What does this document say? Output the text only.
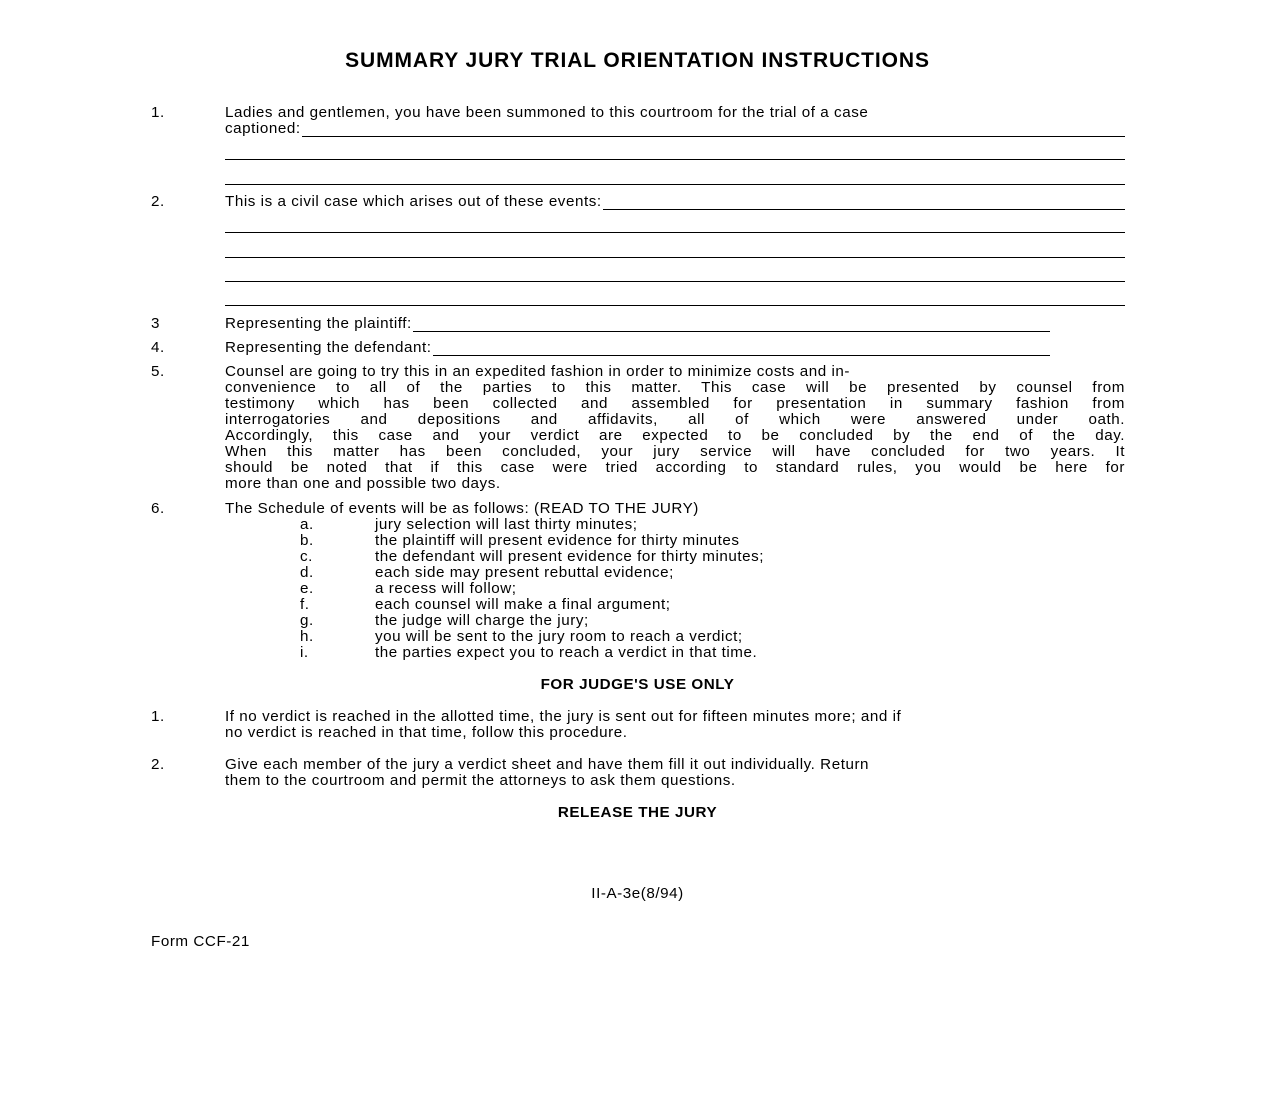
SUMMARY JURY TRIAL ORIENTATION INSTRUCTIONS
1.	Ladies and gentlemen, you have been summoned to this courtroom for the trial of a case
captioned:
2.	This is a civil case which arises out of these events:
3	Representing the plaintiff:
4.	Representing the defendant:
5.	Counsel are going to try this in an expedited fashion in order to minimize costs and in-
convenience to all of the parties to this matter. This case will be presented by counsel from
testimony which has been collected and assembled for presentation in summary fashion from
interrogatories and depositions and affidavits, all of which were answered under oath.
Accordingly, this case and your verdict are expected to be concluded by the end of the day.
When this matter has been concluded, your jury service will have concluded for two years. It
should be noted that if this case were tried according to standard rules, you would be here for
more than one and possible two days.
6.	The Schedule of events will be as follows: (READ TO THE JURY)
a.	jury selection will last thirty minutes;
b.	the plaintiff will present evidence for thirty minutes
c.	the defendant will present evidence for thirty minutes;
d.	each side may present rebuttal evidence;
e.	a recess will follow;
f.	each counsel will make a final argument;
g.	the judge will charge the jury;
h.	you will be sent to the jury room to reach a verdict;
i.	the parties expect you to reach a verdict in that time.
FOR JUDGE'S USE ONLY
1.	If no verdict is reached in the allotted time, the jury is sent out for fifteen minutes more; and if
no verdict is reached in that time, follow this procedure.
2.	Give each member of the jury a verdict sheet and have them fill it out individually. Return
them to the courtroom and permit the attorneys to ask them questions.
RELEASE THE JURY
II-A-3e(8/94)
Form CCF-21
